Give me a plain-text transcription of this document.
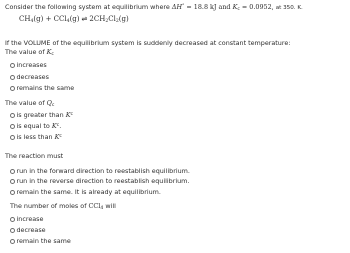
Consider the following system at equilibrium where ΔH° = 18.8 kJ and $K_c = 0.0952$, at 350. K.
$CH_4(g) + CCl_4(g)$ ⇌ $2CH_2Cl_2(g)$
If the VOLUME of the equilibrium system is suddenly decreased at constant temperature:
The value of $K_c$
increases
decreases
remains the same
The value of $Q_c$
is greater than
K c
is equal to
K c .
is less than
K c
The reaction must
run in the forward direction to reestablish equilibrium.
run in the reverse direction to reestablish equilibrium.
remain the same. It is already at equilibrium.
The number of moles of CCl$_4$ will
increase
decrease
remain the same
